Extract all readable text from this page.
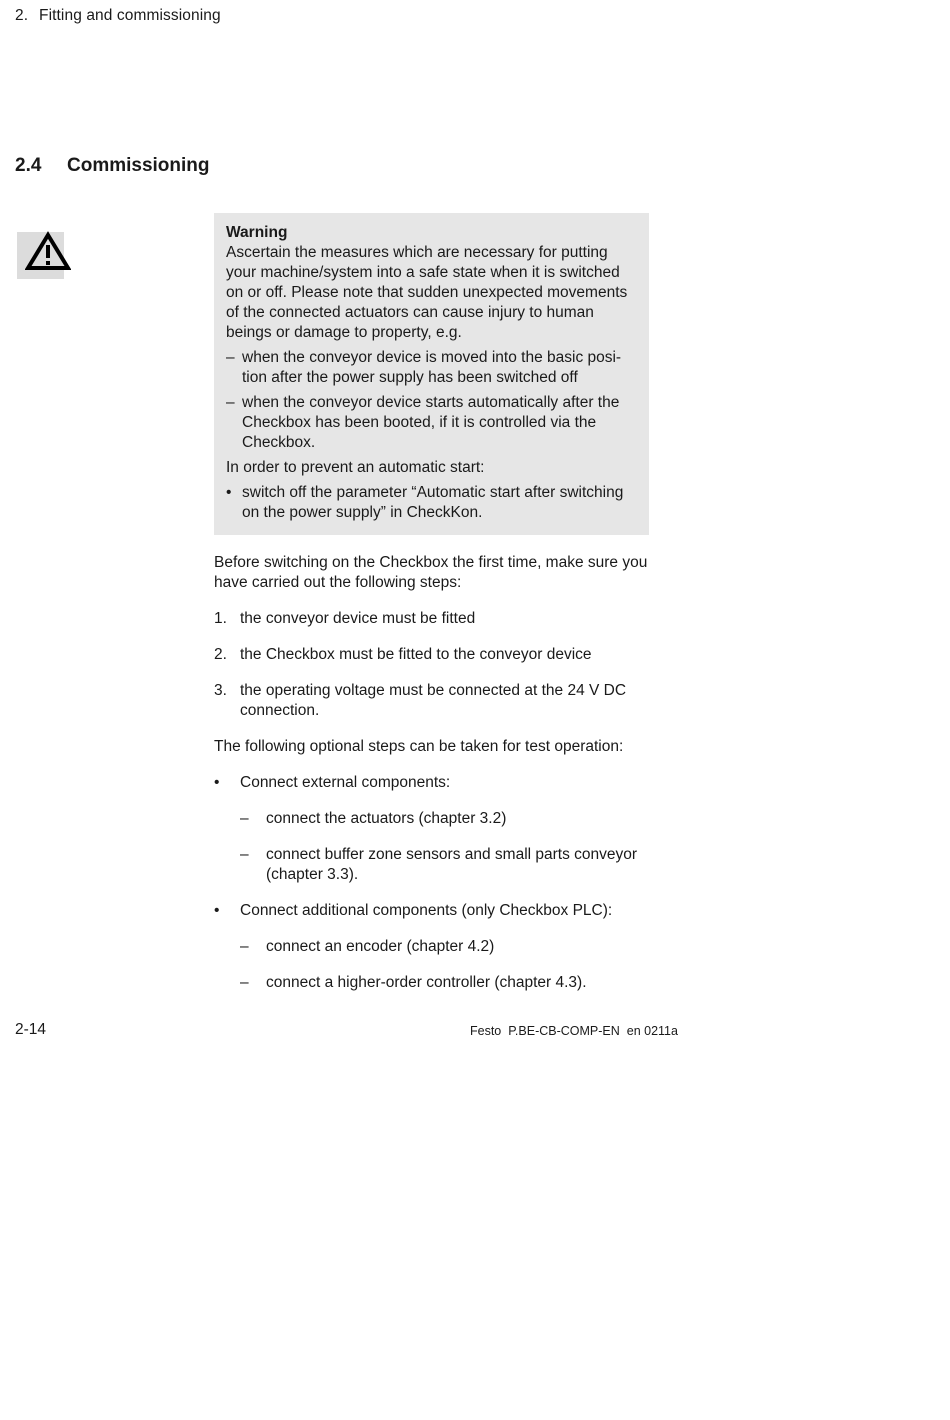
2. Fitting and commissioning
2.4 Commissioning

Warning

Ascertain the measures which are necessary for putting your machine/system into a safe state when it is switched on or off. Please note that sudden unexpected movements of the connected actuators can cause injury to human beings or damage to property, e.g.

– when the conveyor device is moved into the basic posi-tion after the power supply has been switched off
– when the conveyor device starts automatically after the Checkbox has been booted, if it is controlled via the Checkbox.

In order to prevent an automatic start:

• switch off the parameter “Automatic start after switching on the power supply” in CheckKon.

Before switching on the Checkbox the first time, make sure you have carried out the following steps:

1. the conveyor device must be fitted
2. the Checkbox must be fitted to the conveyor device
3. the operating voltage must be connected at the 24 V DC connection.

The following optional steps can be taken for test operation:

• Connect external components:
– connect the actuators (chapter 3.2)
– connect buffer zone sensors and small parts conveyor (chapter 3.3).
• Connect additional components (only Checkbox PLC):
– connect an encoder (chapter 4.2)
– connect a higher-order controller (chapter 4.3).
2-14	Festo  P.BE-CB-COMP-EN  en 0211a
